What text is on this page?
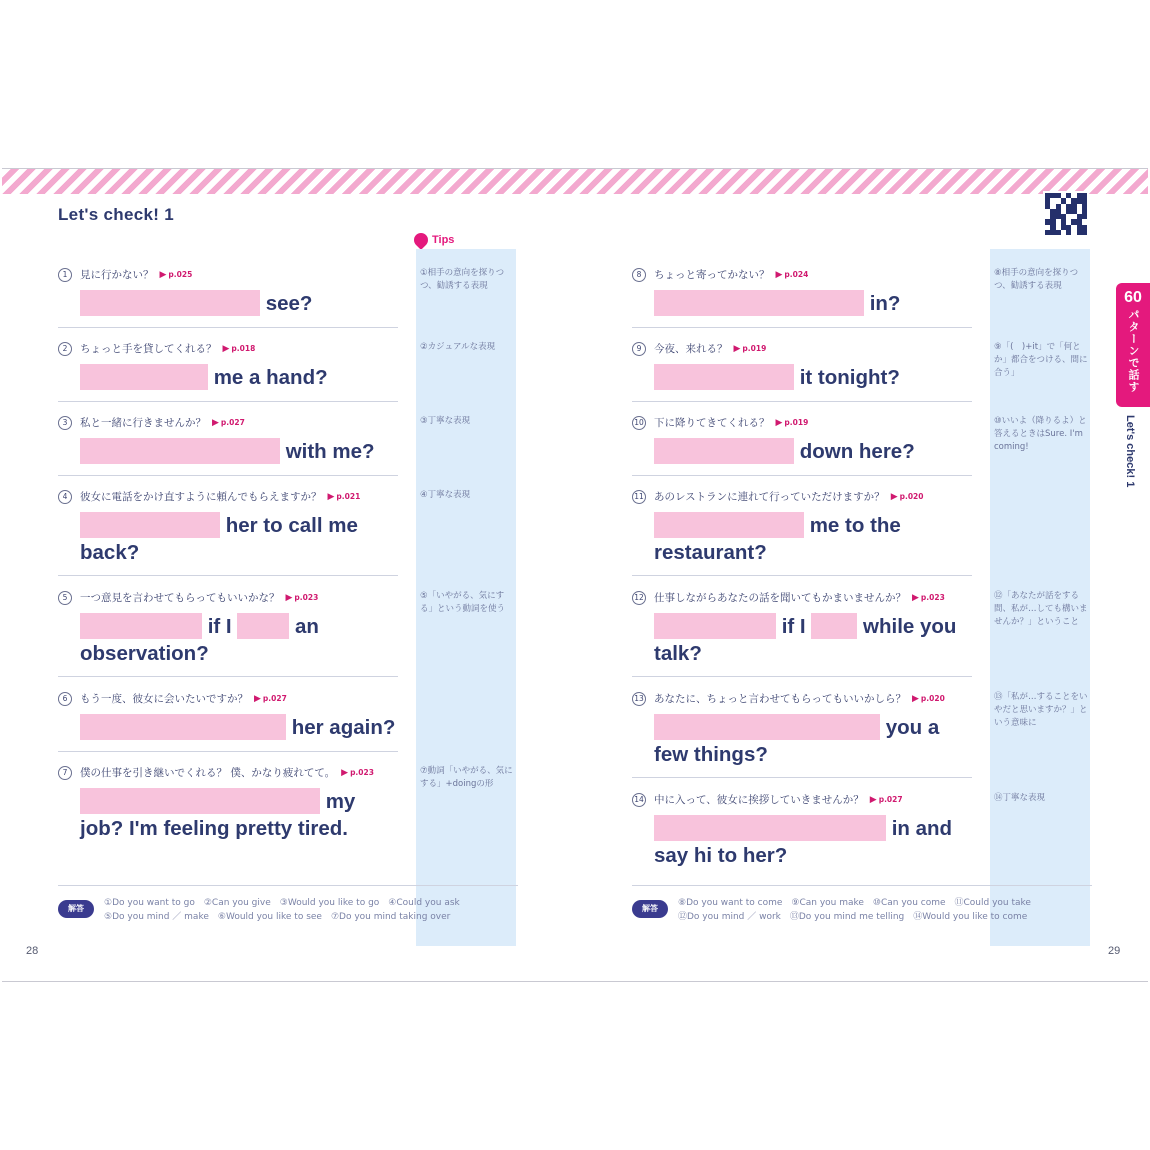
Let's check! 1
Tips
1	見に行かない？ ▶ p.025
see?
2	ちょっと手を貸してくれる？ ▶ p.018
me a hand?
3	私と一緒に行きませんか？ ▶ p.027
with me?
4	彼女に電話をかけ直すように頼んでもらえますか？ ▶ p.021
her to call me
back?
5	一つ意見を言わせてもらってもいいかな？ ▶ p.023
if I	an
observation?
6	もう一度、彼女に会いたいですか？ ▶ p.027
her again?
7	僕の仕事を引き継いでくれる？ 僕、かなり疲れてて。 ▶ p.023
my
job? I'm feeling pretty tired.
①相手の意向を探りつつ、勧誘する表現
②カジュアルな表現
③丁寧な表現
④丁寧な表現
⑤「いやがる、気にする」という動詞を使う
⑦動詞「いやがる、気にする」+doingの形
8	ちょっと寄ってかない？ ▶ p.024
in?
9	今夜、来れる？ ▶ p.019
it tonight?
10 下に降りてきてくれる？ ▶ p.019
down here?
11 あのレストランに連れて行っていただけますか？ ▶ p.020
me to the
restaurant?
12 仕事しながらあなたの話を聞いてもかまいませんか？ ▶ p.023
if I	while you
talk?
13 あなたに、ちょっと言わせてもらってもいいかしら？ ▶ p.020
you a
few things?
14 中に入って、彼女に挨拶していきませんか？ ▶ p.027
in and
say hi to her?
⑧相手の意向を探りつつ、勧誘する表現
⑨「(　)+it」で「何とか」都合をつける、間に合う」
⑩いいよ（降りるよ）と答えるときはSure. I'm coming!
⑫「あなたが話をする間、私が…しても構いませんか？」ということ
⑬「私が…することをいやだと思いますか？」という意味に
⑭丁寧な表現
解答
①Do you want to go　②Can you give　③Would you like to go　④Could you ask
⑤Do you mind ／ make　⑥Would you like to see　⑦Do you mind taking over
解答
⑧Do you want to come　⑨Can you make　⑩Can you come　⑪Could you take
⑫Do you mind ／ work　⑬Do you mind me telling　⑭Would you like to come
28	29
60
パターンで話す
Let's check! 1
